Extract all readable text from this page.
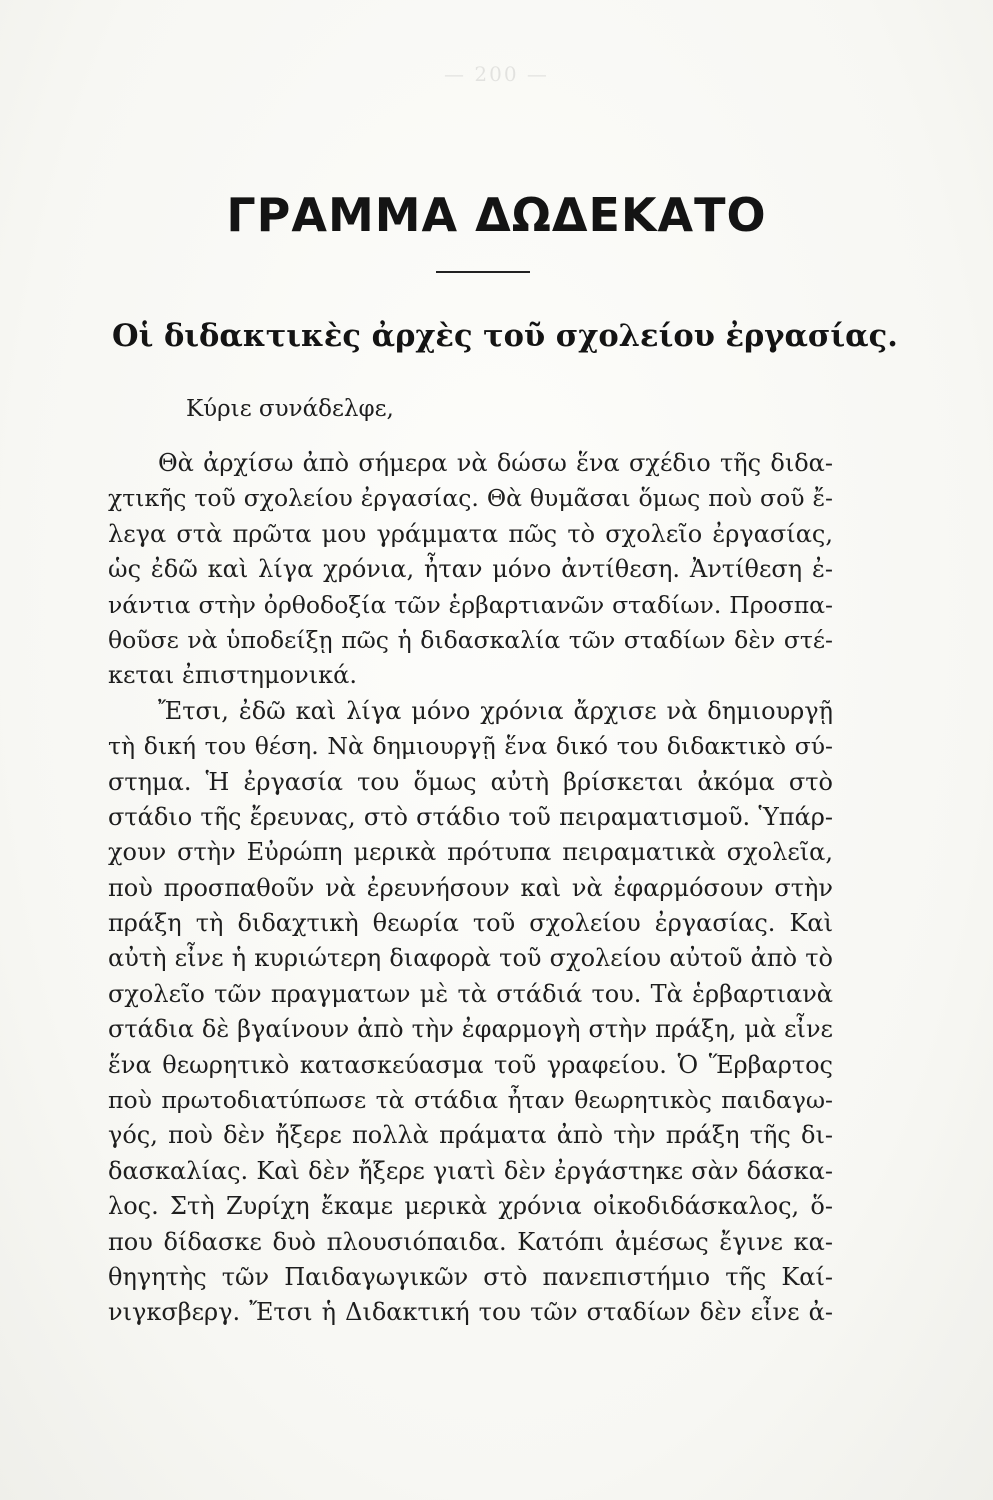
— 200 —
ΓΡΑΜΜΑ ΔΩΔΕΚΑΤΟ
Οἱ διδακτικὲς ἀρχὲς τοῦ σχολείου ἐργασίας.
Κύριε συνάδελφε,
Θὰ ἀρχίσω ἀπὸ σήμερα νὰ δώσω ἕνα σχέδιο τῆς διδα-
χτικῆς τοῦ σχολείου ἐργασίας. Θὰ θυμᾶσαι ὅμως ποὺ σοῦ ἔ-
λεγα στὰ πρῶτα μου γράμματα πῶς τὸ σχολεῖο ἐργασίας,
ὡς ἐδῶ καὶ λίγα χρόνια, ἦταν μόνο ἀντίθεση. Ἀντίθεση ἐ-
νάντια στὴν ὀρθοδοξία τῶν ἑρβαρτιανῶν σταδίων. Προσπα-
θοῦσε νὰ ὑποδείξῃ πῶς ἡ διδασκαλία τῶν σταδίων δὲν στέ-
κεται ἐπιστημονικά.
Ἔτσι, ἐδῶ καὶ λίγα μόνο χρόνια ἄρχισε νὰ δημιουργῇ
τὴ δική του θέση. Νὰ δημιουργῇ ἕνα δικό του διδακτικὸ σύ-
στημα. Ἡ ἐργασία του ὅμως αὐτὴ βρίσκεται ἀκόμα στὸ
στάδιο τῆς ἔρευνας, στὸ στάδιο τοῦ πειραματισμοῦ. Ὑπάρ-
χουν στὴν Εὐρώπη μερικὰ πρότυπα πειραματικὰ σχολεῖα,
ποὺ προσπαθοῦν νὰ ἐρευνήσουν καὶ νὰ ἐφαρμόσουν στὴν
πράξη τὴ διδαχτικὴ θεωρία τοῦ σχολείου ἐργασίας. Καὶ
αὐτὴ εἶνε ἡ κυριώτερη διαφορὰ τοῦ σχολείου αὐτοῦ ἀπὸ τὸ
σχολεῖο τῶν πραγματων μὲ τὰ στάδιά του. Τὰ ἑρβαρτιανὰ
στάδια δὲ βγαίνουν ἀπὸ τὴν ἐφαρμογὴ στὴν πράξη, μὰ εἶνε
ἕνα θεωρητικὸ κατασκεύασμα τοῦ γραφείου. Ὁ Ἕρβαρτος
ποὺ πρωτοδιατύπωσε τὰ στάδια ἦταν θεωρητικὸς παιδαγω-
γός, ποὺ δὲν ἤξερε πολλὰ πράματα ἀπὸ τὴν πράξη τῆς δι-
δασκαλίας. Καὶ δὲν ἤξερε γιατὶ δὲν ἐργάστηκε σὰν δάσκα-
λος. Στὴ Ζυρίχη ἔκαμε μερικὰ χρόνια οἰκοδιδάσκαλος, ὅ-
που δίδασκε δυὸ πλουσιόπαιδα. Κατόπι ἀμέσως ἔγινε κα-
θηγητὴς τῶν Παιδαγωγικῶν στὸ πανεπιστήμιο τῆς Καί-
νιγκσβεργ. Ἔτσι ἡ Διδακτική του τῶν σταδίων δὲν εἶνε ἀ-
